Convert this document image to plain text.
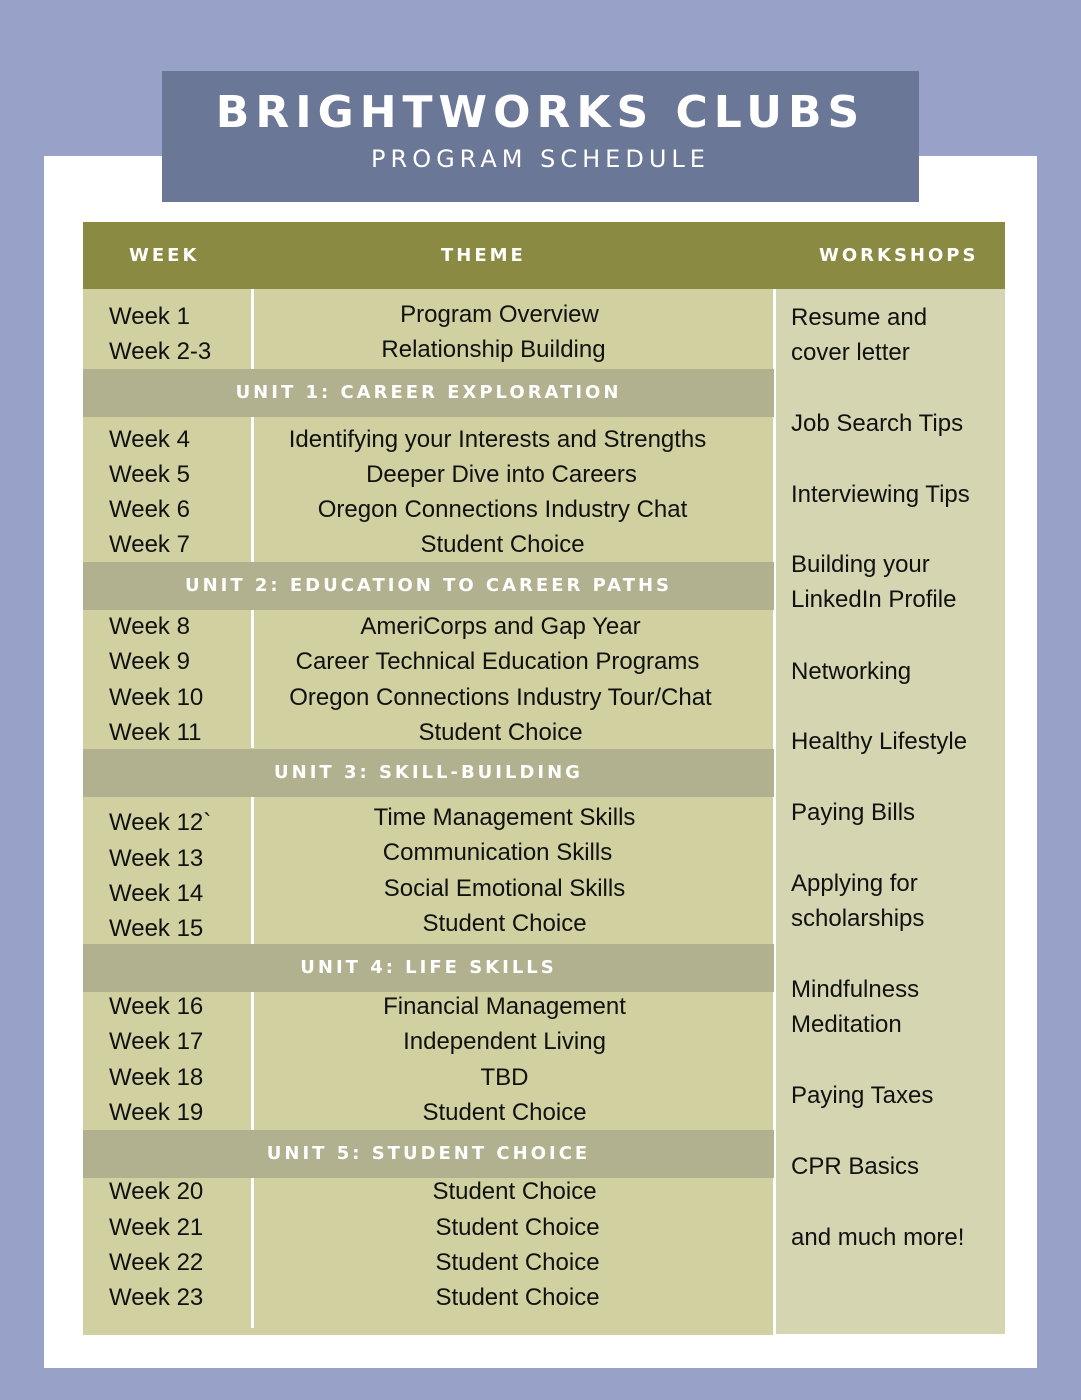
BRIGHTWORKS CLUBS
PROGRAM SCHEDULE
WEEK	THEME	WORKSHOPS
UNIT 1: CAREER EXPLORATION
UNIT 2: EDUCATION TO CAREER PATHS
UNIT 3: SKILL-BUILDING
UNIT 4: LIFE SKILLS
UNIT 5: STUDENT CHOICE
Week 1
Week 2-3
Week 4
Week 5
Week 6
Week 7
Week 8
Week 9
Week 10
Week 11
Week 12`
Week 13
Week 14
Week 15
Week 16
Week 17
Week 18
Week 19
Week 20
Week 21
Week 22
Week 23
Program Overview
Relationship Building
Identifying your Interests and Strengths
Deeper Dive into Careers
Oregon Connections Industry Chat
Student Choice
AmeriCorps and Gap Year
Career Technical Education Programs
Oregon Connections Industry Tour/Chat
Student Choice
Time Management Skills
Communication Skills
Social Emotional Skills
Student Choice
Financial Management
Independent Living
TBD
Student Choice
Student Choice
Student Choice
Student Choice
Student Choice
Resume and
cover letter
Job Search Tips
Interviewing Tips
Building your
LinkedIn Profile
Networking
Healthy Lifestyle
Paying Bills
Applying for
scholarships
Mindfulness
Meditation
Paying Taxes
CPR Basics
and much more!
